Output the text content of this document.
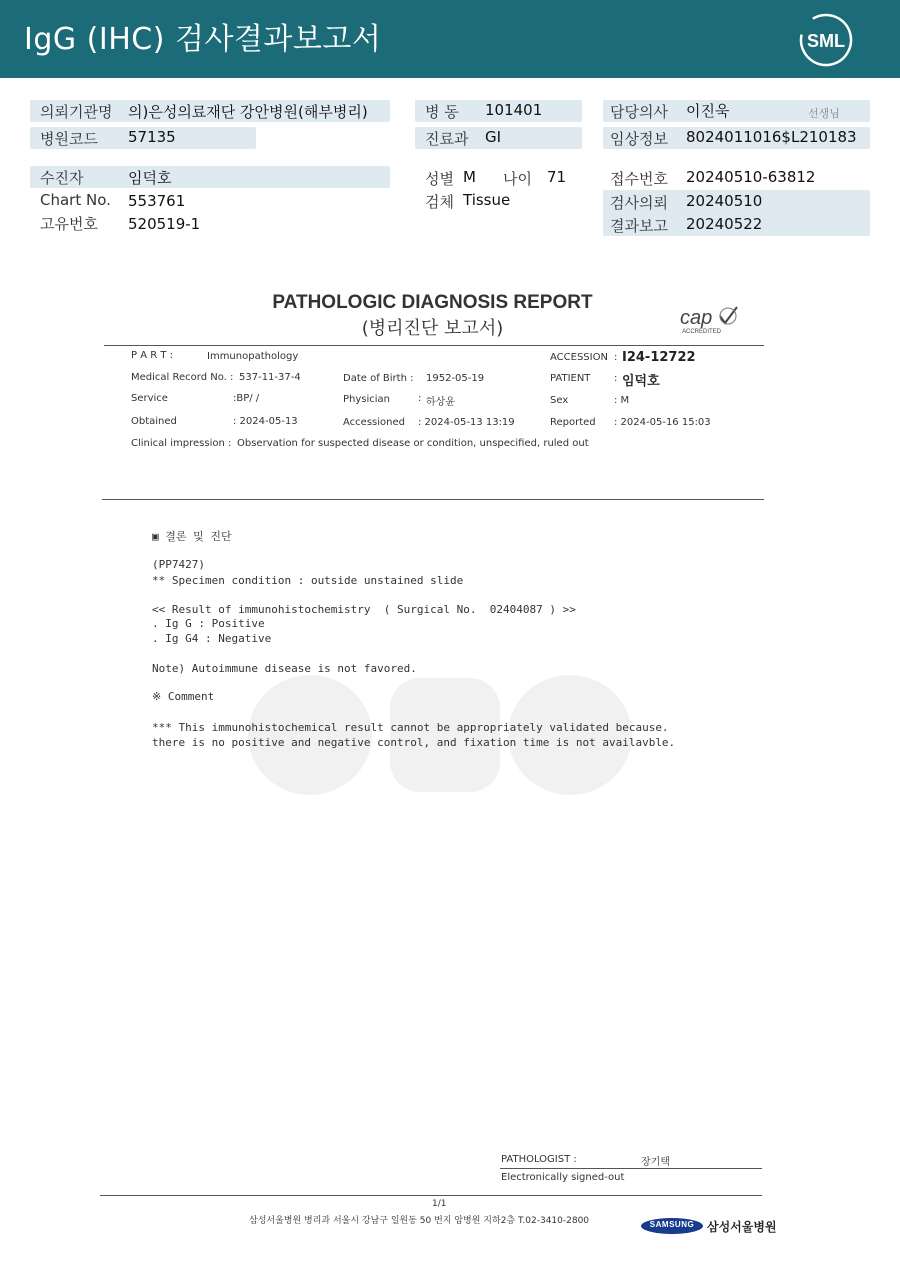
IgG (IHC) 검사결과보고서	SML
의뢰기관명 의)은성의료재단 강안병원(해부병리)
병원코드 57135
수진자	임덕호
Chart No. 553761
고유번호 520519-1
병 동 101401
진료과 GI
성별 M 나이 71
검체 Tissue
담당의사 이진욱	선생님
임상정보 8024011016$L210183
접수번호 20240510-63812
검사의뢰 20240510
결과보고 20240522
PATHOLOGIC DIAGNOSIS REPORT
(병리진단 보고서)	cap
ACCREDITED
P A R T :	Immunopathology	ACCESSION : I24-12722
Medical Record No. : 537-11-37-4	Date of Birth : 1952-05-19	PATIENT : 임덕호
Service	:BP/ /	Physician	: 하상윤	Sex	: M
Obtained	: 2024-05-13	Accessioned : 2024-05-13 13:19	Reported : 2024-05-16 15:03
Clinical impression : Observation for suspected disease or condition, unspecified, ruled out
▣ 결론 및 진단
(PP7427)
** Specimen condition : outside unstained slide
<< Result of immunohistochemistry  ( Surgical No.  02404087 ) >>
. Ig G : Positive
. Ig G4 : Negative
Note) Autoimmune disease is not favored.
※ Comment
*** This immunohistochemical result cannot be appropriately validated because.
there is no positive and negative control, and fixation time is not availavble.
PATHOLOGIST :	장기택
Electronically signed-out
1/1
삼성서울병원 병리과 서울시 강남구 일원동 50 번지 암병원 지하2층 T.02-3410-2800	SAMSUNG	삼성서울병원
